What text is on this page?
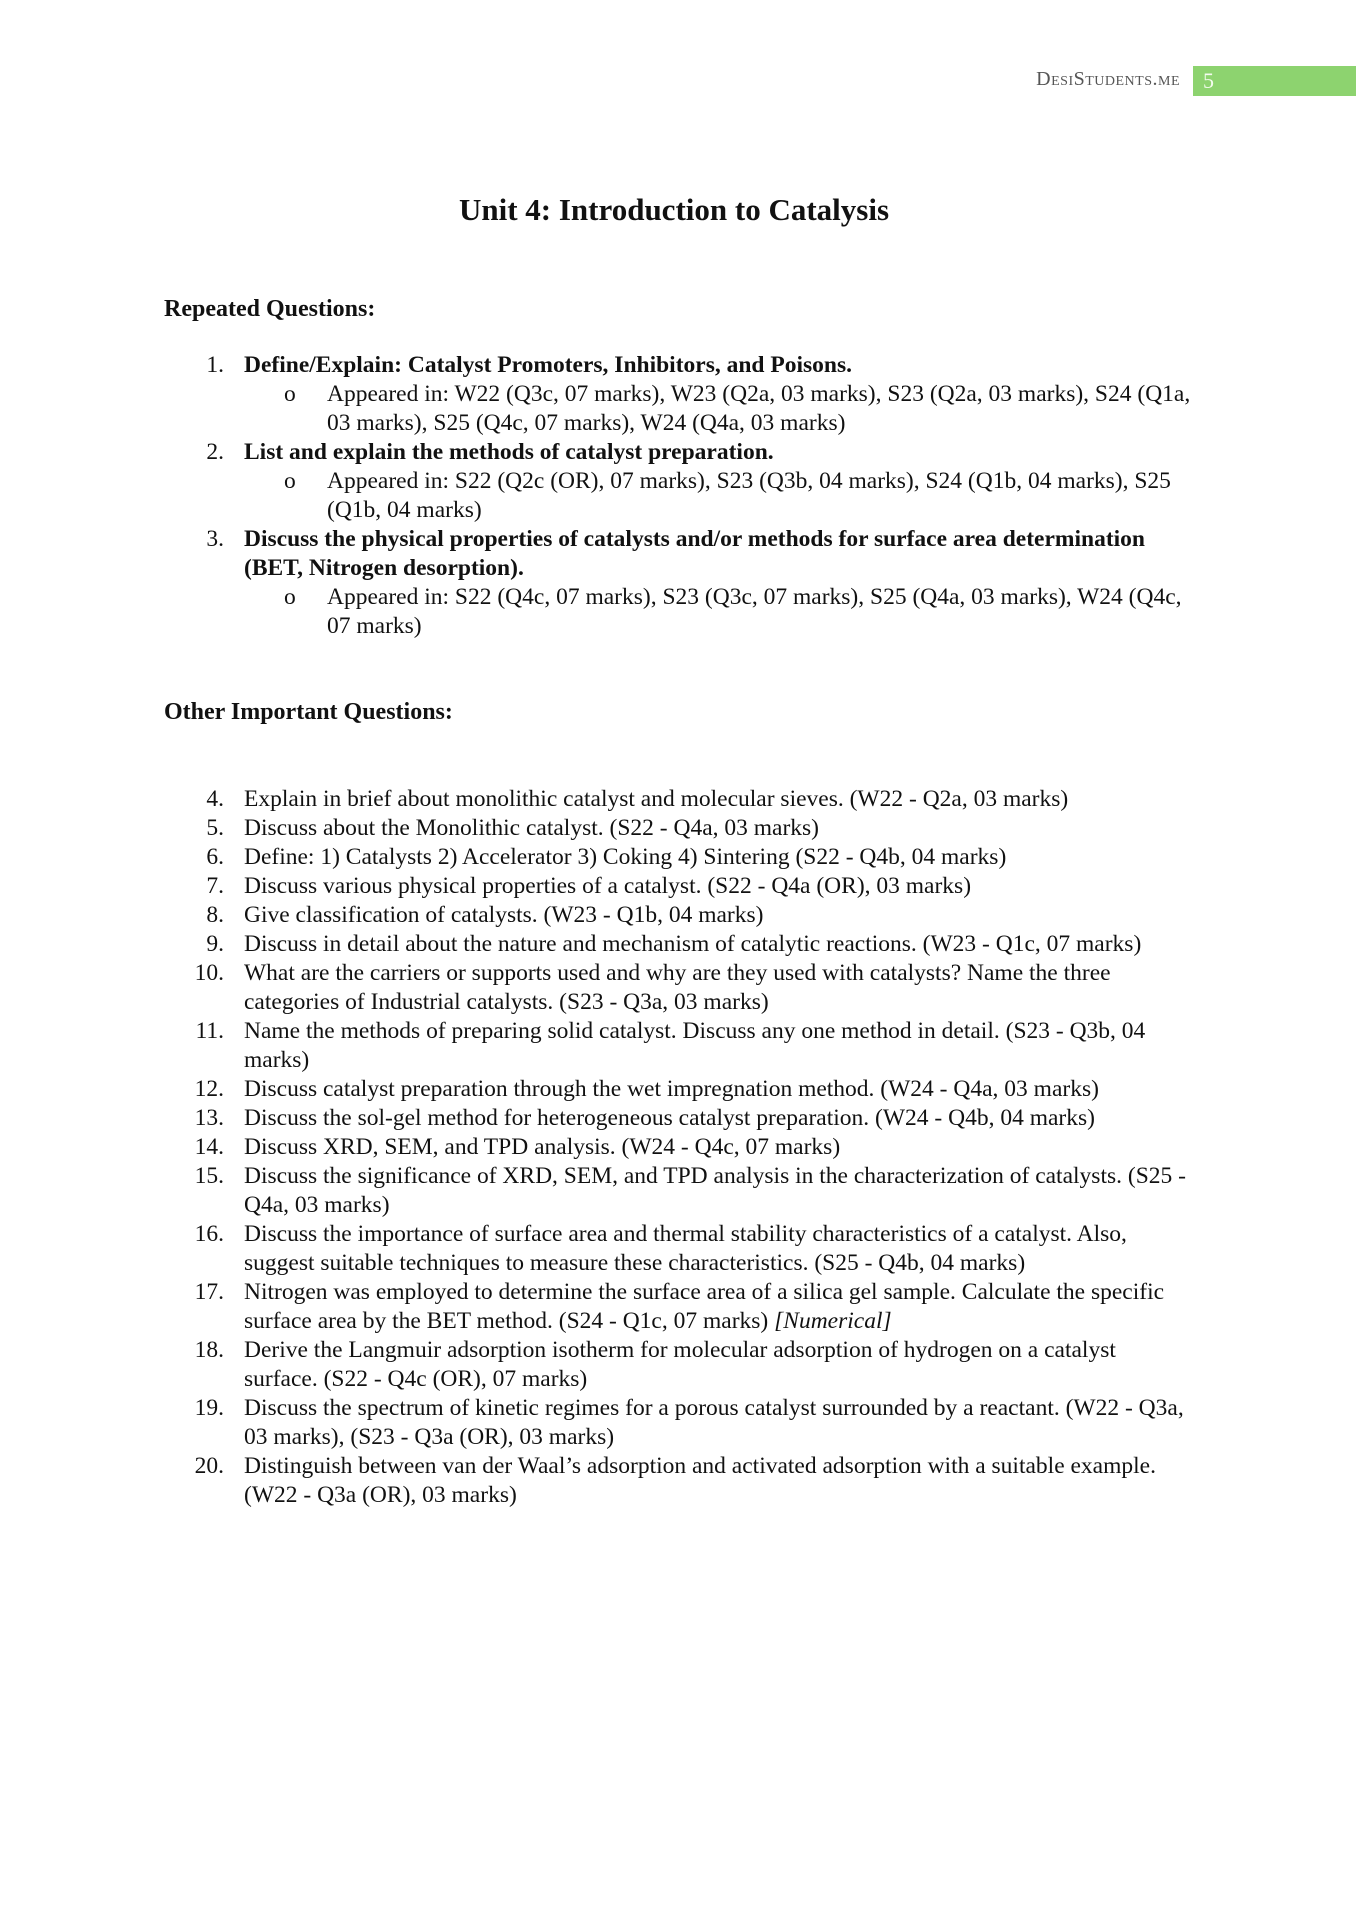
DesiStudents.me	5
Unit 4: Introduction to Catalysis
Repeated Questions:
1. Define/Explain: Catalyst Promoters, Inhibitors, and Poisons.
o Appeared in: W22 (Q3c, 07 marks), W23 (Q2a, 03 marks), S23 (Q2a, 03 marks), S24 (Q1a, 03 marks), S25 (Q4c, 07 marks), W24 (Q4a, 03 marks)
2. List and explain the methods of catalyst preparation.
o Appeared in: S22 (Q2c (OR), 07 marks), S23 (Q3b, 04 marks), S24 (Q1b, 04 marks), S25 (Q1b, 04 marks)
3. Discuss the physical properties of catalysts and/or methods for surface area determination (BET, Nitrogen desorption).
o Appeared in: S22 (Q4c, 07 marks), S23 (Q3c, 07 marks), S25 (Q4a, 03 marks), W24 (Q4c, 07 marks)
Other Important Questions:
4. Explain in brief about monolithic catalyst and molecular sieves. (W22 - Q2a, 03 marks)
5. Discuss about the Monolithic catalyst. (S22 - Q4a, 03 marks)
6. Define: 1) Catalysts 2) Accelerator 3) Coking 4) Sintering (S22 - Q4b, 04 marks)
7. Discuss various physical properties of a catalyst. (S22 - Q4a (OR), 03 marks)
8. Give classification of catalysts. (W23 - Q1b, 04 marks)
9. Discuss in detail about the nature and mechanism of catalytic reactions. (W23 - Q1c, 07 marks)
10. What are the carriers or supports used and why are they used with catalysts? Name the three categories of Industrial catalysts. (S23 - Q3a, 03 marks)
11. Name the methods of preparing solid catalyst. Discuss any one method in detail. (S23 - Q3b, 04 marks)
12. Discuss catalyst preparation through the wet impregnation method. (W24 - Q4a, 03 marks)
13. Discuss the sol-gel method for heterogeneous catalyst preparation. (W24 - Q4b, 04 marks)
14. Discuss XRD, SEM, and TPD analysis. (W24 - Q4c, 07 marks)
15. Discuss the significance of XRD, SEM, and TPD analysis in the characterization of catalysts. (S25 - Q4a, 03 marks)
16. Discuss the importance of surface area and thermal stability characteristics of a catalyst. Also, suggest suitable techniques to measure these characteristics. (S25 - Q4b, 04 marks)
17. Nitrogen was employed to determine the surface area of a silica gel sample. Calculate the specific surface area by the BET method. (S24 - Q1c, 07 marks) [Numerical]
18. Derive the Langmuir adsorption isotherm for molecular adsorption of hydrogen on a catalyst surface. (S22 - Q4c (OR), 07 marks)
19. Discuss the spectrum of kinetic regimes for a porous catalyst surrounded by a reactant. (W22 - Q3a, 03 marks), (S23 - Q3a (OR), 03 marks)
20. Distinguish between van der Waal’s adsorption and activated adsorption with a suitable example. (W22 - Q3a (OR), 03 marks)
